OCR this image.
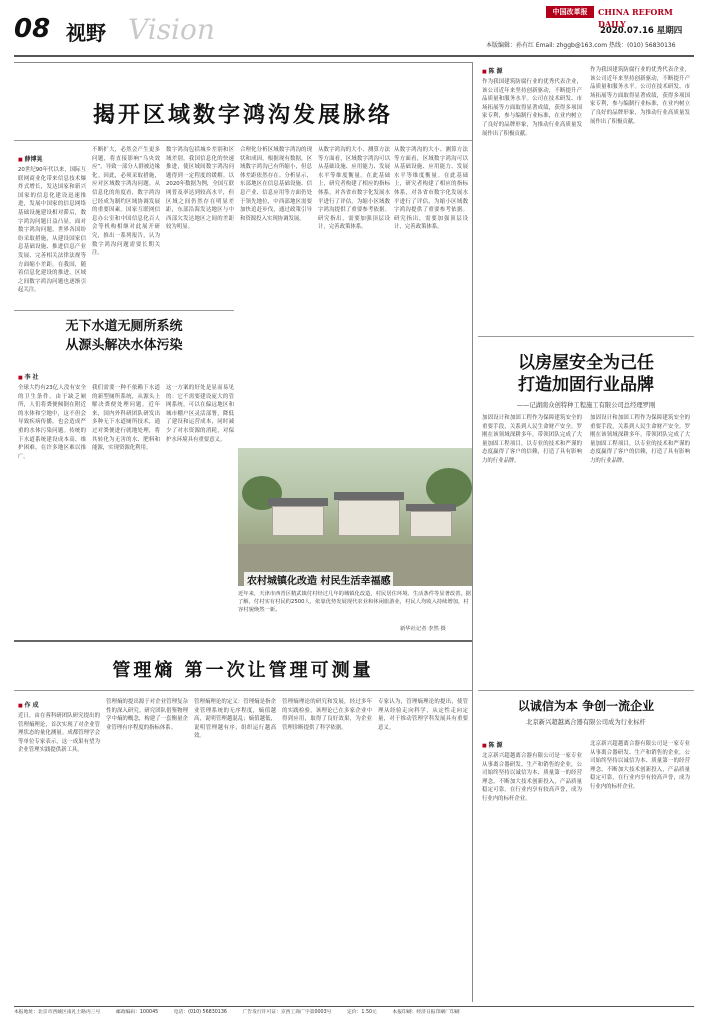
08 视野 Vision
中国改革报	CHINA REFORM DAILY
2020.07.16 星期四
本版编辑：孙有红 Email: zhggb@163.com 热线：(010) 56830136
揭开区域数字鸿沟发展脉络
■ 薛博晃
20世纪90年代以来，国际互联网商业化带来信息技术爆炸式增长，发达国家和新兴国家的信息化建设迅速推进，发展中国家的信息网络基础设施建设相对滞后，数字鸿沟问题日益凸显。面对数字鸿沟问题，世界各国纷纷采取措施，从建设国家信息基础设施、推进信息产业发展、完善相关法律法规等方面缩小差距。在我国，随着信息化建设的推进，区域之间数字鸿沟问题也逐渐引起关注。
不断扩大，必然会产生更多问题，将直接影响“乌央效应”，导致一部分人群被边缘化。因此，必须采取措施，应对区域数字鸿沟问题。从信息化的角度看，数字鸿沟已经成为制约区域协调发展的重要因素。国家互联网信息办公室和中国信息化百人会等机构相继对此展开研究，推出一系列报告，认为数字鸿沟问题需要长期关注。
数字鸿沟包括城乡差别和区域差别，我国信息化的快速推进，使区域间数字鸿沟问题得到一定程度的缓解。以2020年数据为例，全国互联网普及率达到较高水平，但区域之间仍然存在明显差距，东部沿海发达地区与中西部欠发达地区之间的差距较为明显。
合理化分析区域数字鸿沟的现状和成因，根据现有数据，区域数字鸿沟已有所缩小，但总体差距依然存在。分析显示，东部地区在信息基础设施、信息产业、信息应用等方面仍处于领先地位，中西部地区需要加快追赶步伐，通过政策引导和资源投入实现协调发展。
从数字鸿沟的大小、测算方法等方面看，区域数字鸿沟可以从基础设施、应用能力、发展水平等维度衡量。在此基础上，研究者构建了相应的指标体系，对各省市数字化发展水平进行了评估，为缩小区域数字鸿沟提供了重要参考依据。研究指出，需要加强顶层设计，完善政策体系。
从数字鸿沟的大小、测算方法等方面看，区域数字鸿沟可以从基础设施、应用能力、发展水平等维度衡量。在此基础上，研究者构建了相应的指标体系，对各省市数字化发展水平进行了评估，为缩小区域数字鸿沟提供了重要参考依据。研究指出，需要加强顶层设计，完善政策体系。
无下水道无厕所系统
从源头解决水体污染
■ 李 社
全球大约有23亿人没有安全的卫生条件。由于缺乏厕所，人们将粪便倾倒在附近的水体和空地中，这不但会导致疾病传播，也会造成严重的水体污染问题。传统的下水道系统建设成本高、维护困难，在许多地区难以推广。
我们需要一种不依赖下水道的新型厕所系统，从源头上解决粪便处理问题。近年来，国内外科研团队研发出多种无下水道厕所技术，通过对粪便进行就地处理，将其转化为无害的水、肥料和能源，实现资源化利用。
这一方案的好处是显而易见的：它不需要建设庞大的管网系统，可以在偏远地区和城市棚户区灵活部署，降低了建设和运营成本，同时减少了对水资源的消耗，对保护水环境具有重要意义。
农村城镇化改造 村民生活幸福感
近年来，天津市西青区精武镇付村经过几年的城镇化改造，村民居住环境、生活条件等显著改善。据了解，付村实有村民约2500人，依靠优势发展现代农业和休闲旅游业，村民人均收入持续增加，村容村貌焕然一新。
新华社记者 李然 摄
管理熵 第一次让管理可测量
■ 作 成
近日，由在蓉科研团队研究提出的管理熵理论，首次实现了对企业管理状态的量化测量。成都管理学会等单位专家表示，这一成果有望为企业管理实践提供新工具。
管理熵的提出源于对企业管理复杂性的深入研究。研究团队借鉴物理学中熵的概念，构建了一套衡量企业管理有序程度的指标体系。
管理熵理论的定义：管理熵是指企业管理系统的无序程度，熵值越高，说明管理越混乱；熵值越低，说明管理越有序，组织运行越高效。
管理熵理论的研究和发展，经过多年的实践检验，该理论已在多家企业中得到应用，取得了良好效果，为企业管理诊断提供了科学依据。
专家认为，管理熵理论的提出，使管理从经验走向科学，从定性走向定量，对于推动管理学科发展具有重要意义。
■ 陈 源
作为我国建筑防腐行业的优秀代表企业，该公司近年来坚持创新驱动，不断提升产品质量和服务水平。公司在技术研发、市场拓展等方面取得显著成绩，获得多项国家专利，参与编制行业标准，在业内树立了良好的品牌形象，为推动行业高质量发展作出了积极贡献。
作为我国建筑防腐行业的优秀代表企业，该公司近年来坚持创新驱动，不断提升产品质量和服务水平。公司在技术研发、市场拓展等方面取得显著成绩，获得多项国家专利，参与编制行业标准，在业内树立了良好的品牌形象，为推动行业高质量发展作出了积极贡献。
以房屋安全为己任
打造加固行业品牌
——记湖南众创特种工程施工有限公司总经理罗刚
加固设计和加固工程作为保障建筑安全的重要手段，关系到人民生命财产安全。罗刚在该领域深耕多年，带领团队完成了大量加固工程项目，以专业的技术和严谨的态度赢得了客户的信赖，打造了具有影响力的行业品牌。
加固设计和加固工程作为保障建筑安全的重要手段，关系到人民生命财产安全。罗刚在该领域深耕多年，带领团队完成了大量加固工程项目，以专业的技术和严谨的态度赢得了客户的信赖，打造了具有影响力的行业品牌。
以诚信为本 争创一流企业
北京新兴超越离合器有限公司成为行业标杆
■ 陈 源
北京新兴超越离合器有限公司是一家专业从事离合器研发、生产和销售的企业，公司始终坚持以诚信为本、质量第一的经营理念，不断加大技术创新投入，产品质量稳定可靠，在行业内享有较高声誉，成为行业内的标杆企业。
北京新兴超越离合器有限公司是一家专业从事离合器研发、生产和销售的企业，公司始终坚持以诚信为本、质量第一的经营理念，不断加大技术创新投入，产品质量稳定可靠，在行业内享有较高声誉，成为行业内的标杆企业。
本报地址：北京市西城区南礼士路丙三号	邮政编码：100045	电话：(010) 56830136	广告发行许可证：京西工商广字第0003号	定价：1.50元	本报印刷：经济日报印刷厂印刷
